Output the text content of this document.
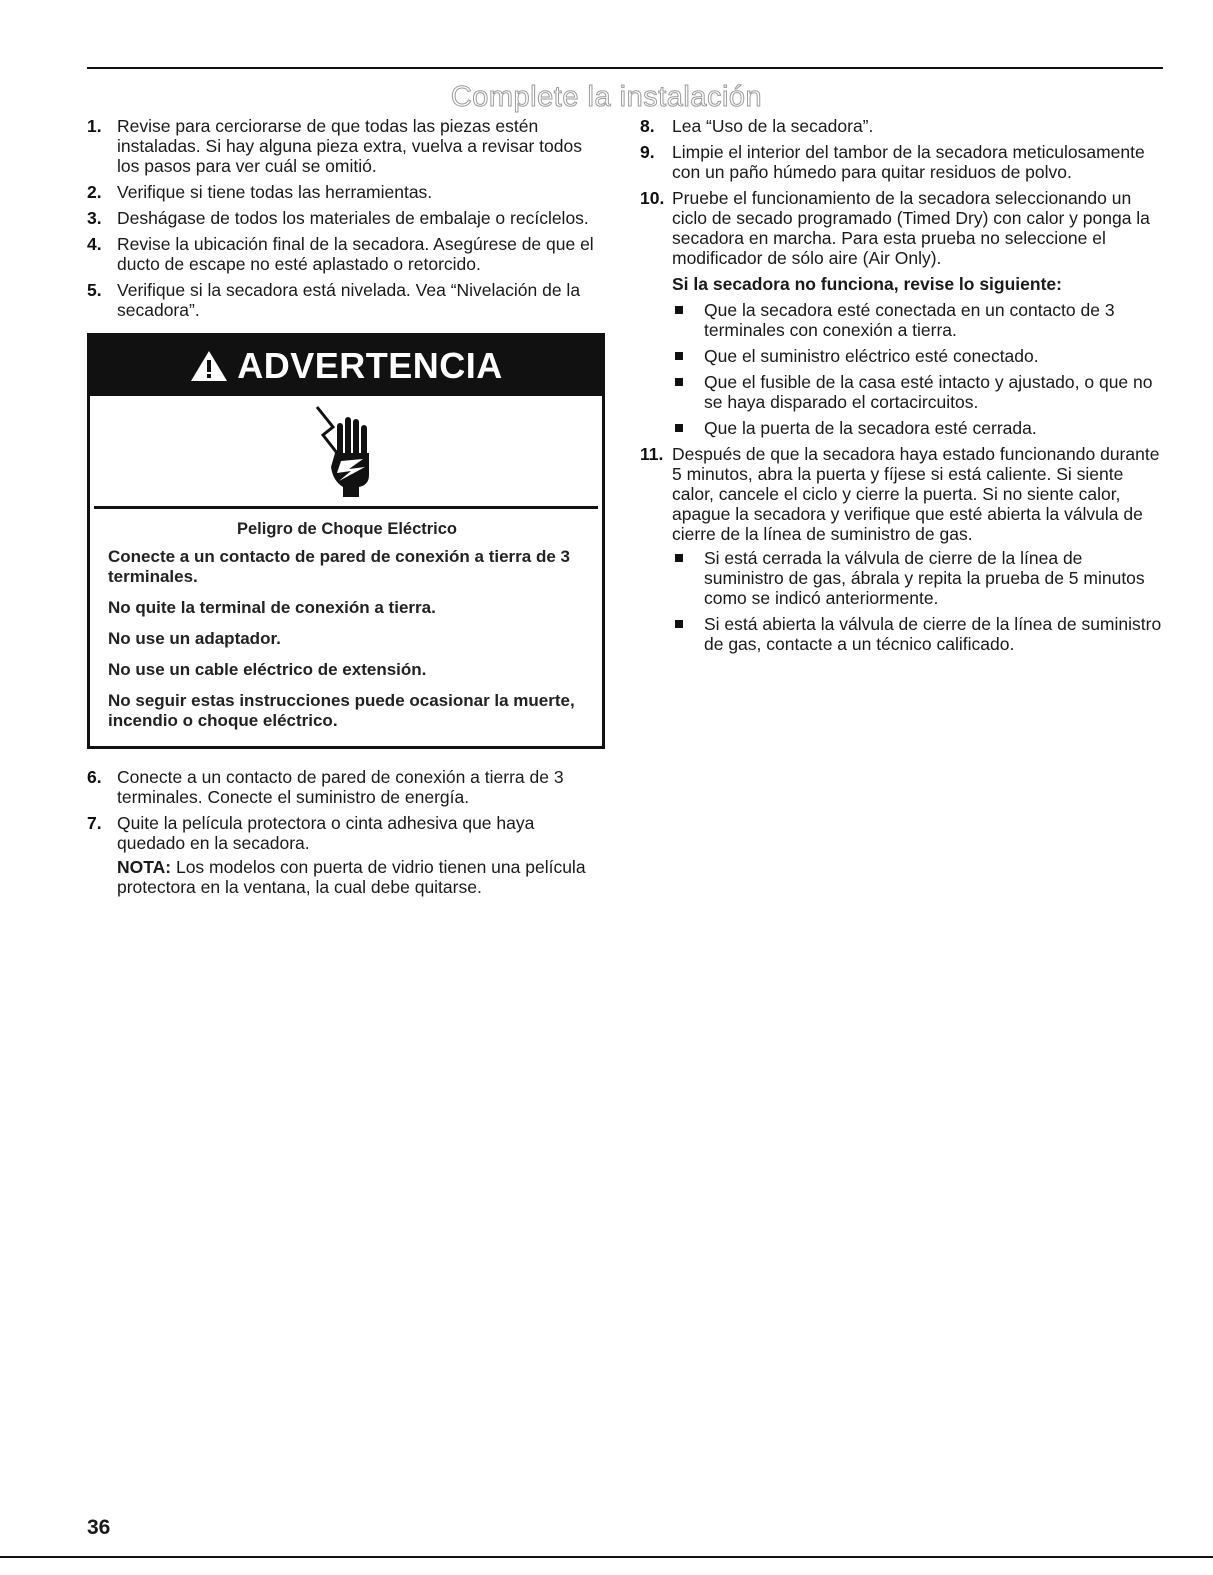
Complete la instalación
1. Revise para cerciorarse de que todas las piezas estén instaladas. Si hay alguna pieza extra, vuelva a revisar todos los pasos para ver cuál se omitió.
2. Verifique si tiene todas las herramientas.
3. Deshágase de todos los materiales de embalaje o recíclelos.
4. Revise la ubicación final de la secadora. Asegúrese de que el ducto de escape no esté aplastado o retorcido.
5. Verifique si la secadora está nivelada. Vea “Nivelación de la secadora”.
ADVERTENCIA
Peligro de Choque Eléctrico

Conecte a un contacto de pared de conexión a tierra de 3 terminales.

No quite la terminal de conexión a tierra.

No use un adaptador.

No use un cable eléctrico de extensión.

No seguir estas instrucciones puede ocasionar la muerte, incendio o choque eléctrico.

6. Conecte a un contacto de pared de conexión a tierra de 3 terminales. Conecte el suministro de energía.
7. Quite la película protectora o cinta adhesiva que haya quedado en la secadora.
NOTA: Los modelos con puerta de vidrio tienen una película protectora en la ventana, la cual debe quitarse.
8. Lea “Uso de la secadora”.
9. Limpie el interior del tambor de la secadora meticulosamente con un paño húmedo para quitar residuos de polvo.
10. Pruebe el funcionamiento de la secadora seleccionando un ciclo de secado programado (Timed Dry) con calor y ponga la secadora en marcha. Para esta prueba no seleccione el modificador de sólo aire (Air Only).
Si la secadora no funciona, revise lo siguiente:
Que la secadora esté conectada en un contacto de 3 terminales con conexión a tierra.
Que el suministro eléctrico esté conectado.
Que el fusible de la casa esté intacto y ajustado, o que no se haya disparado el cortacircuitos.
Que la puerta de la secadora esté cerrada.
11. Después de que la secadora haya estado funcionando durante 5 minutos, abra la puerta y fíjese si está caliente. Si siente calor, cancele el ciclo y cierre la puerta. Si no siente calor, apague la secadora y verifique que esté abierta la válvula de cierre de la línea de suministro de gas.
Si está cerrada la válvula de cierre de la línea de suministro de gas, ábrala y repita la prueba de 5 minutos como se indicó anteriormente.
Si está abierta la válvula de cierre de la línea de suministro de gas, contacte a un técnico calificado.
36
